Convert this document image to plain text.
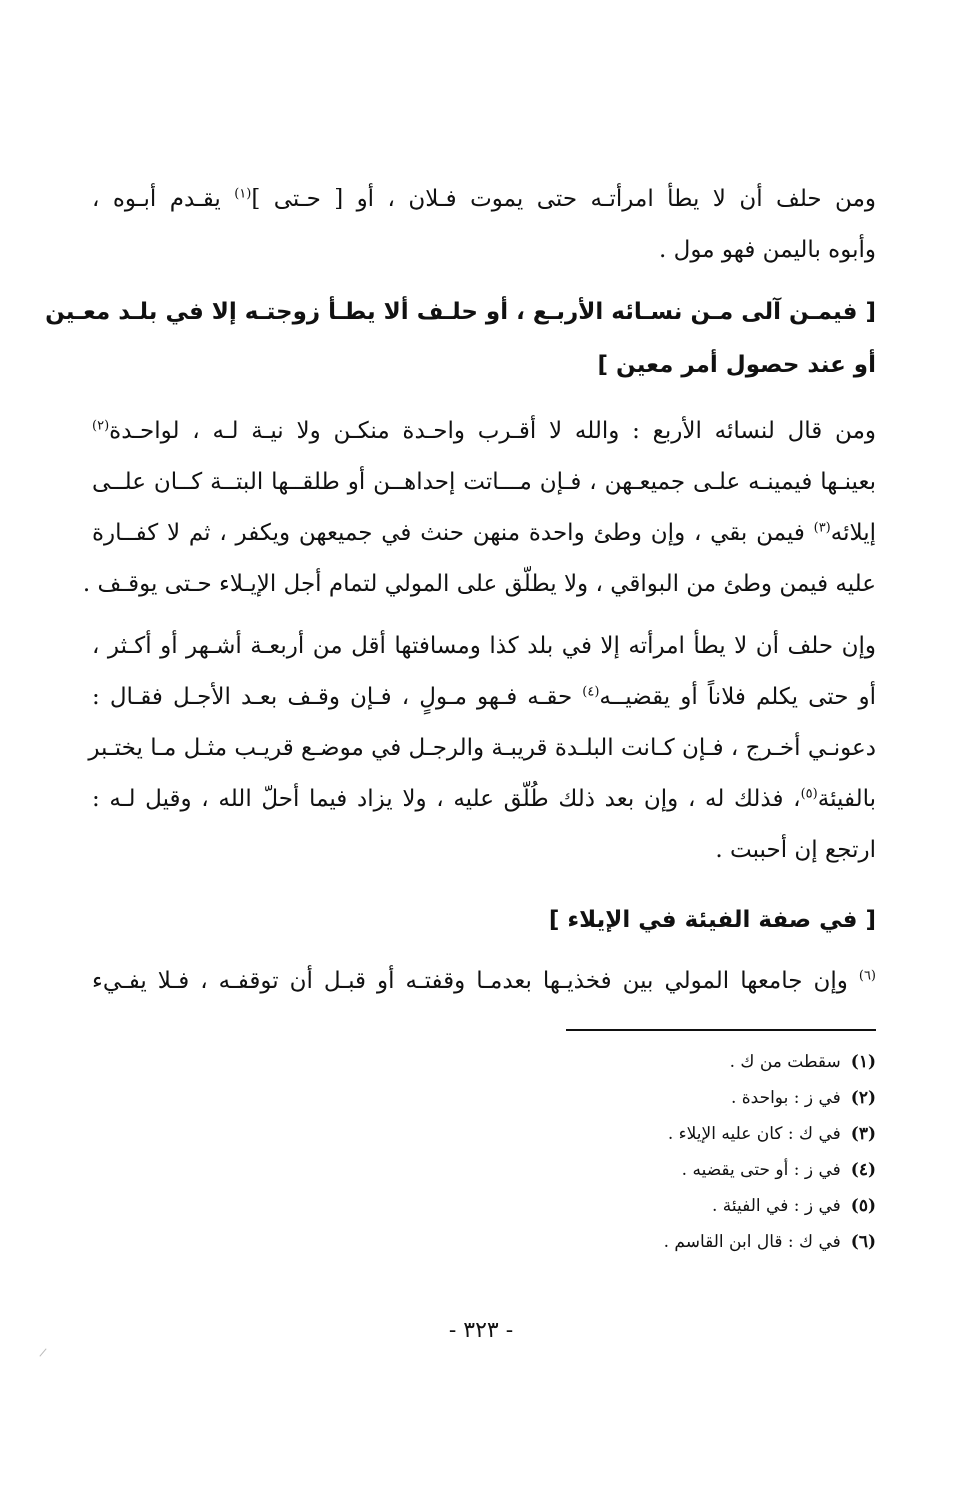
ومن حلف أن لا يطأ امرأتـه حتى يموت فـلان ، أو [ حـتى ]$^{(١)}$ يقـدم أبـوه ،
وأبوه باليمن فهو مول .

[ فيمـن آلى مـن نسـائه الأربـع ، أو حلـف ألا يطـأ زوجتـه إلا في بلـد معـين
أو عند حصول أمر معين ]

ومن قال لنسائه الأربع : والله لا أقـرب واحـدة منكـن ولا نيـة لـه ، لواحـدة$^{(٢)}$
بعينـها فيمينـه علـى جميعـهن ، فـإن مـــاتت إحداهــن أو طلقــها البتــة كــان علــى
إيلائه$^{(٣)}$ فيمن بقي ، وإن وطئ واحدة منهن حنث في جميعهن ويكفر ، ثم لا كفــارة
عليه فيمن وطئ من البواقي ، ولا يطلّق على المولي لتمام أجل الإيـلاء حـتى يوقـف .

وإن حلف أن لا يطأ امرأته إلا في بلد كذا ومسافتها أقل من أربعـة أشـهر أو أكـثر ،
أو حتى يكلم فلاناً أو يقضيــه$^{(٤)}$ حقـه فـهو مـولٍ ، فـإن وقـف بعـد الأجـل فقـال :
دعونـي أخـرج ، فـإن كـانت البلـدة قريبـة والرجـل في موضـع قريـب مثـل مـا يختـبر
بالفيئة$^{(٥)}$، فذلك له ، وإن بعد ذلك طُلّق عليه ، ولا يزاد فيما أحلّ الله ، وقيل لـه :
ارتجع إن أحببت .

[ في صفة الفيئة في الإيلاء ]

$^{(٦)}$ وإن جامعها المولي بين فخذيـها بعدمـا وقفتـه أو قبـل أن توقفـه ، فـلا يفـيء

(١)سقطت من ك .
(٢)في ز : بواحدة .
(٣)في ك : كان عليه الإيلاء .
(٤)في ز : أو حتى يقضيه .
(٥)في ز : في الفيئة .
(٦)في ك : قال ابن القاسم .
- ٣٢٣ -
